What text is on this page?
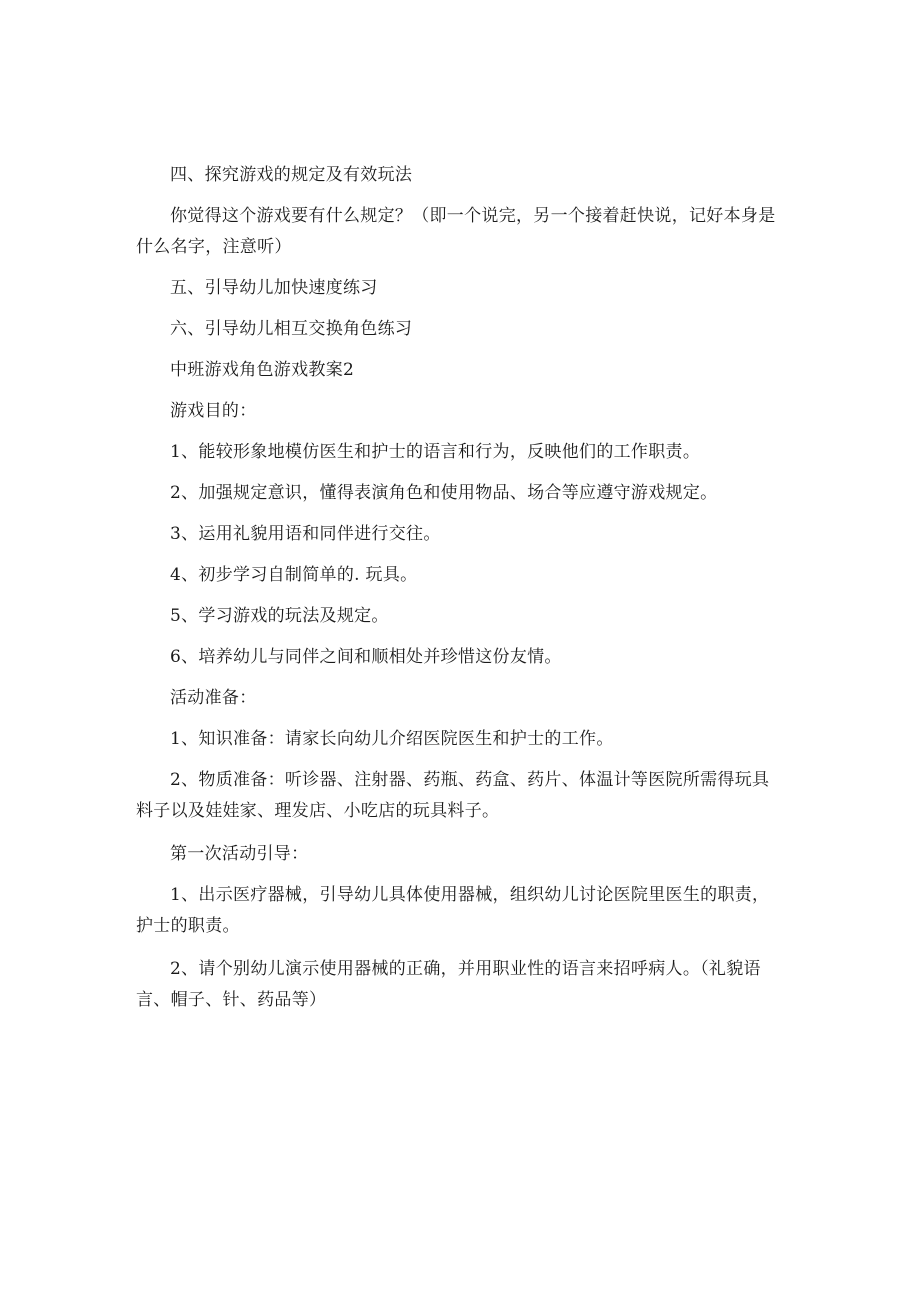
四、探究游戏的规定及有效玩法

你觉得这个游戏要有什么规定？（即一个说完，另一个接着赶快说，记好本身是什么名字，注意听）

五、引导幼儿加快速度练习

六、引导幼儿相互交换角色练习

中班游戏角色游戏教案2

游戏目的：

1、能较形象地模仿医生和护士的语言和行为，反映他们的工作职责。

2、加强规定意识，懂得表演角色和使用物品、场合等应遵守游戏规定。

3、运用礼貌用语和同伴进行交往。

4、初步学习自制简单的. 玩具。

5、学习游戏的玩法及规定。

6、培养幼儿与同伴之间和顺相处并珍惜这份友情。

活动准备：

1、知识准备：请家长向幼儿介绍医院医生和护士的工作。

2、物质准备：听诊器、注射器、药瓶、药盒、药片、体温计等医院所需得玩具料子以及娃娃家、理发店、小吃店的玩具料子。

第一次活动引导：

1、出示医疗器械，引导幼儿具体使用器械，组织幼儿讨论医院里医生的职责，护士的职责。

2、请个别幼儿演示使用器械的正确，并用职业性的语言来招呼病人。（礼貌语言、帽子、针、药品等）
